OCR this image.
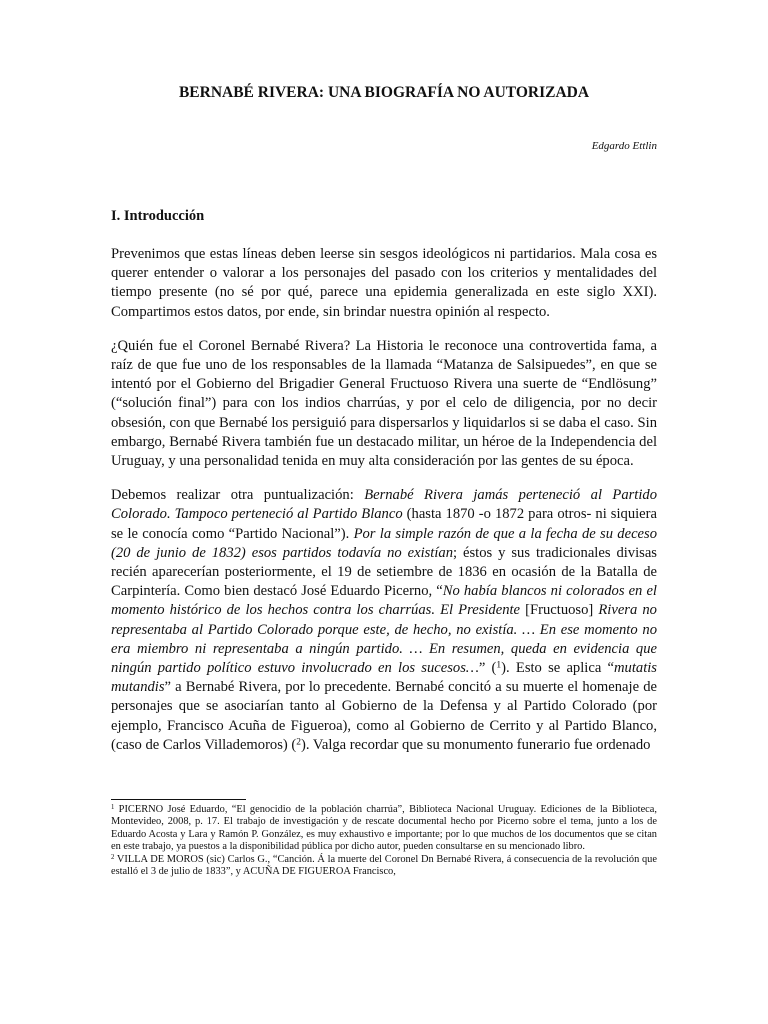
BERNABÉ RIVERA: UNA BIOGRAFÍA NO AUTORIZADA
Edgardo Ettlin
I. Introducción

Prevenimos que estas líneas deben leerse sin sesgos ideológicos ni partidarios. Mala cosa es querer entender o valorar a los personajes del pasado con los criterios y mentalidades del tiempo presente (no sé por qué, parece una epidemia generalizada en este siglo XXI). Compartimos estos datos, por ende, sin brindar nuestra opinión al respecto.

¿Quién fue el Coronel Bernabé Rivera? La Historia le reconoce una controvertida fama, a raíz de que fue uno de los responsables de la llamada “Matanza de Salsipuedes”, en que se intentó por el Gobierno del Brigadier General Fructuoso Rivera una suerte de “Endlösung” (“solución final”) para con los indios charrúas, y por el celo de diligencia, por no decir obsesión, con que Bernabé los persiguió para dispersarlos y liquidarlos si se daba el caso. Sin embargo, Bernabé Rivera también fue un destacado militar, un héroe de la Independencia del Uruguay, y una personalidad tenida en muy alta consideración por las gentes de su época.

Debemos realizar otra puntualización: Bernabé Rivera jamás perteneció al Partido Colorado. Tampoco perteneció al Partido Blanco (hasta 1870 -o 1872 para otros- ni siquiera se le conocía como “Partido Nacional”). Por la simple razón de que a la fecha de su deceso (20 de junio de 1832) esos partidos todavía no existían; éstos y sus tradicionales divisas recién aparecerían posteriormente, el 19 de setiembre de 1836 en ocasión de la Batalla de Carpintería. Como bien destacó José Eduardo Picerno, “No había blancos ni colorados en el momento histórico de los hechos contra los charrúas. El Presidente [Fructuoso] Rivera no representaba al Partido Colorado porque este, de hecho, no existía. … En ese momento no era miembro ni representaba a ningún partido. … En resumen, queda en evidencia que ningún partido político estuvo involucrado en los sucesos…” ($^1$). Esto se aplica “mutatis mutandis” a Bernabé Rivera, por lo precedente. Bernabé concitó a su muerte el homenaje de personajes que se asociarían tanto al Gobierno de la Defensa y al Partido Colorado (por ejemplo, Francisco Acuña de Figueroa), como al Gobierno de Cerrito y al Partido Blanco, (caso de Carlos Villademoros) ($^2$). Valga recordar que su monumento funerario fue ordenado

$^1$ PICERNO José Eduardo, “El genocidio de la población charrúa”, Biblioteca Nacional Uruguay. Ediciones de la Biblioteca, Montevideo, 2008, p. 17. El trabajo de investigación y de rescate documental hecho por Picerno sobre el tema, junto a los de Eduardo Acosta y Lara y Ramón P. González, es muy exhaustivo e importante; por lo que muchos de los documentos que se citan en este trabajo, ya puestos a la disponibilidad pública por dicho autor, pueden consultarse en su mencionado libro.

$^2$ VILLA DE MOROS (sic) Carlos G., “Canción. Á la muerte del Coronel Dn Bernabé Rivera, á consecuencia de la revolución que estalló el 3 de julio de 1833”, y ACUÑA DE FIGUEROA Francisco,
